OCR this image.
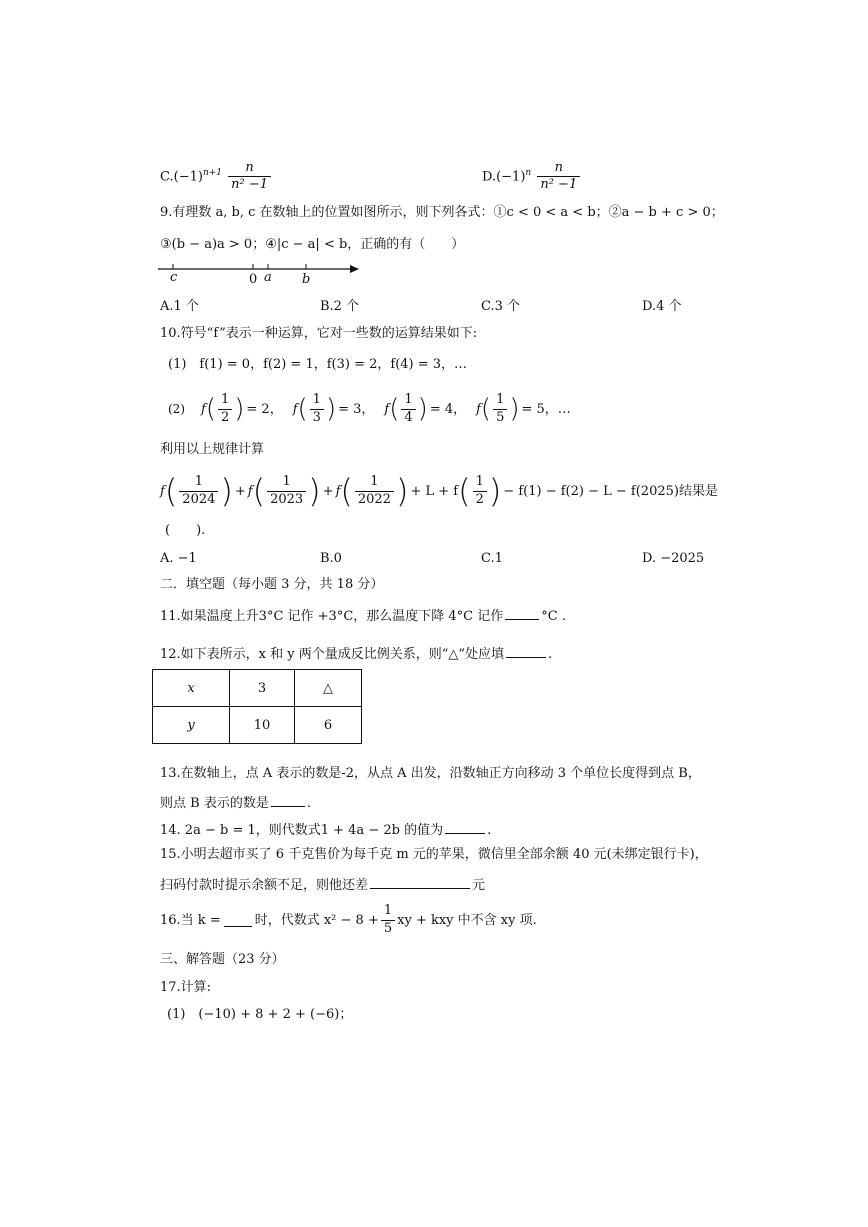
$C.(-1)^{n+1} \frac{n}{\text{n² −1}}$	$D.(-1)^n \frac{n}{\text{n² −1}}$
9.有理数 a, b, c 在数轴上的位置如图所示，则下列各式：①c < 0 < a < b；②a − b + c > 0；
③(b − a)a > 0；④|c − a| < b，正确的有（　　）
c	0 a b
A.1 个	B.2 个	C.3 个	D.4 个
10.符号“f”表示一种运算，它对一些数的运算结果如下:
(1)　f(1) = 0，f(2) = 1，f(3) = 2，f(4) = 3，…
(2) f ( $\frac{1}{2}$ ) = 2， f ( $\frac{1}{3}$ ) = 3， f ( $\frac{1}{4}$ ) = 4， f ( $\frac{1}{5}$ ) = 5，…
利用以上规律计算
f ( $\frac{1}{2024}$ ) + f ( $\frac{1}{2023}$ ) + f ( $\frac{1}{2022}$ ) + L + f ( $\frac{1}{2}$ ) − f(1) − f(2) − L − f(2025)结果是
(　　).
A. −1	B.0	C.1	D. −2025
二．填空题（每小题 3 分，共 18 分）
11.如果温度上升3°C 记作 +3°C，那么温度下降 4°C 记作	°C .
12.如下表所示，x 和 y 两个量成反比例关系，则“△”处应填	.
x	3	△
y	10	6
13.在数轴上，点 A 表示的数是-2，从点 A 出发，沿数轴正方向移动 3 个单位长度得到点 B，
则点 B 表示的数是	.
14. 2a − b = 1，则代数式1 + 4a − 2b 的值为	.
15.小明去超市买了 6 千克售价为每千克 m 元的苹果，微信里全部余额 40 元(未绑定银行卡)，
扫码付款时提示余额不足，则他还差	元
16.当 k =	时，代数式 $x^2 - 8 + \frac{1}{5}$ xy + kxy 中不含 xy 项.
三、解答题（23 分）
17.计算:
(1)　(−10) + 8 + 2 + (−6)；
